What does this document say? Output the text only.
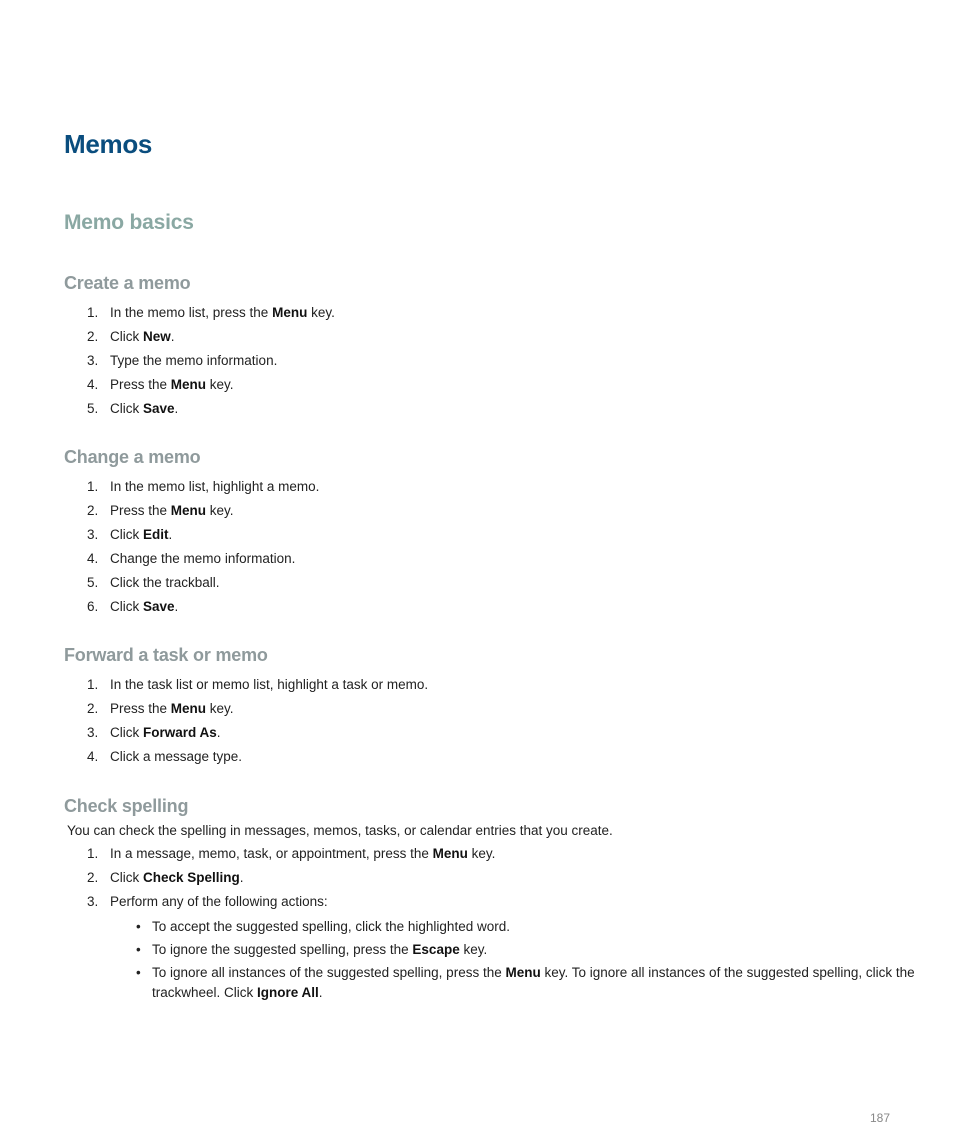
Memos
Memo basics
Create a memo
1. In the memo list, press the Menu key.
2. Click New.
3. Type the memo information.
4. Press the Menu key.
5. Click Save.
Change a memo
1. In the memo list, highlight a memo.
2. Press the Menu key.
3. Click Edit.
4. Change the memo information.
5. Click the trackball.
6. Click Save.
Forward a task or memo
1. In the task list or memo list, highlight a task or memo.
2. Press the Menu key.
3. Click Forward As.
4. Click a message type.
Check spelling

You can check the spelling in messages, memos, tasks, or calendar entries that you create.

1. In a message, memo, task, or appointment, press the Menu key.
2. Click Check Spelling.
3. Perform any of the following actions:
• To accept the suggested spelling, click the highlighted word.
• To ignore the suggested spelling, press the Escape key.
• To ignore all instances of the suggested spelling, press the Menu key. To ignore all instances of the suggested spelling, click the trackwheel. Click Ignore All.
187
